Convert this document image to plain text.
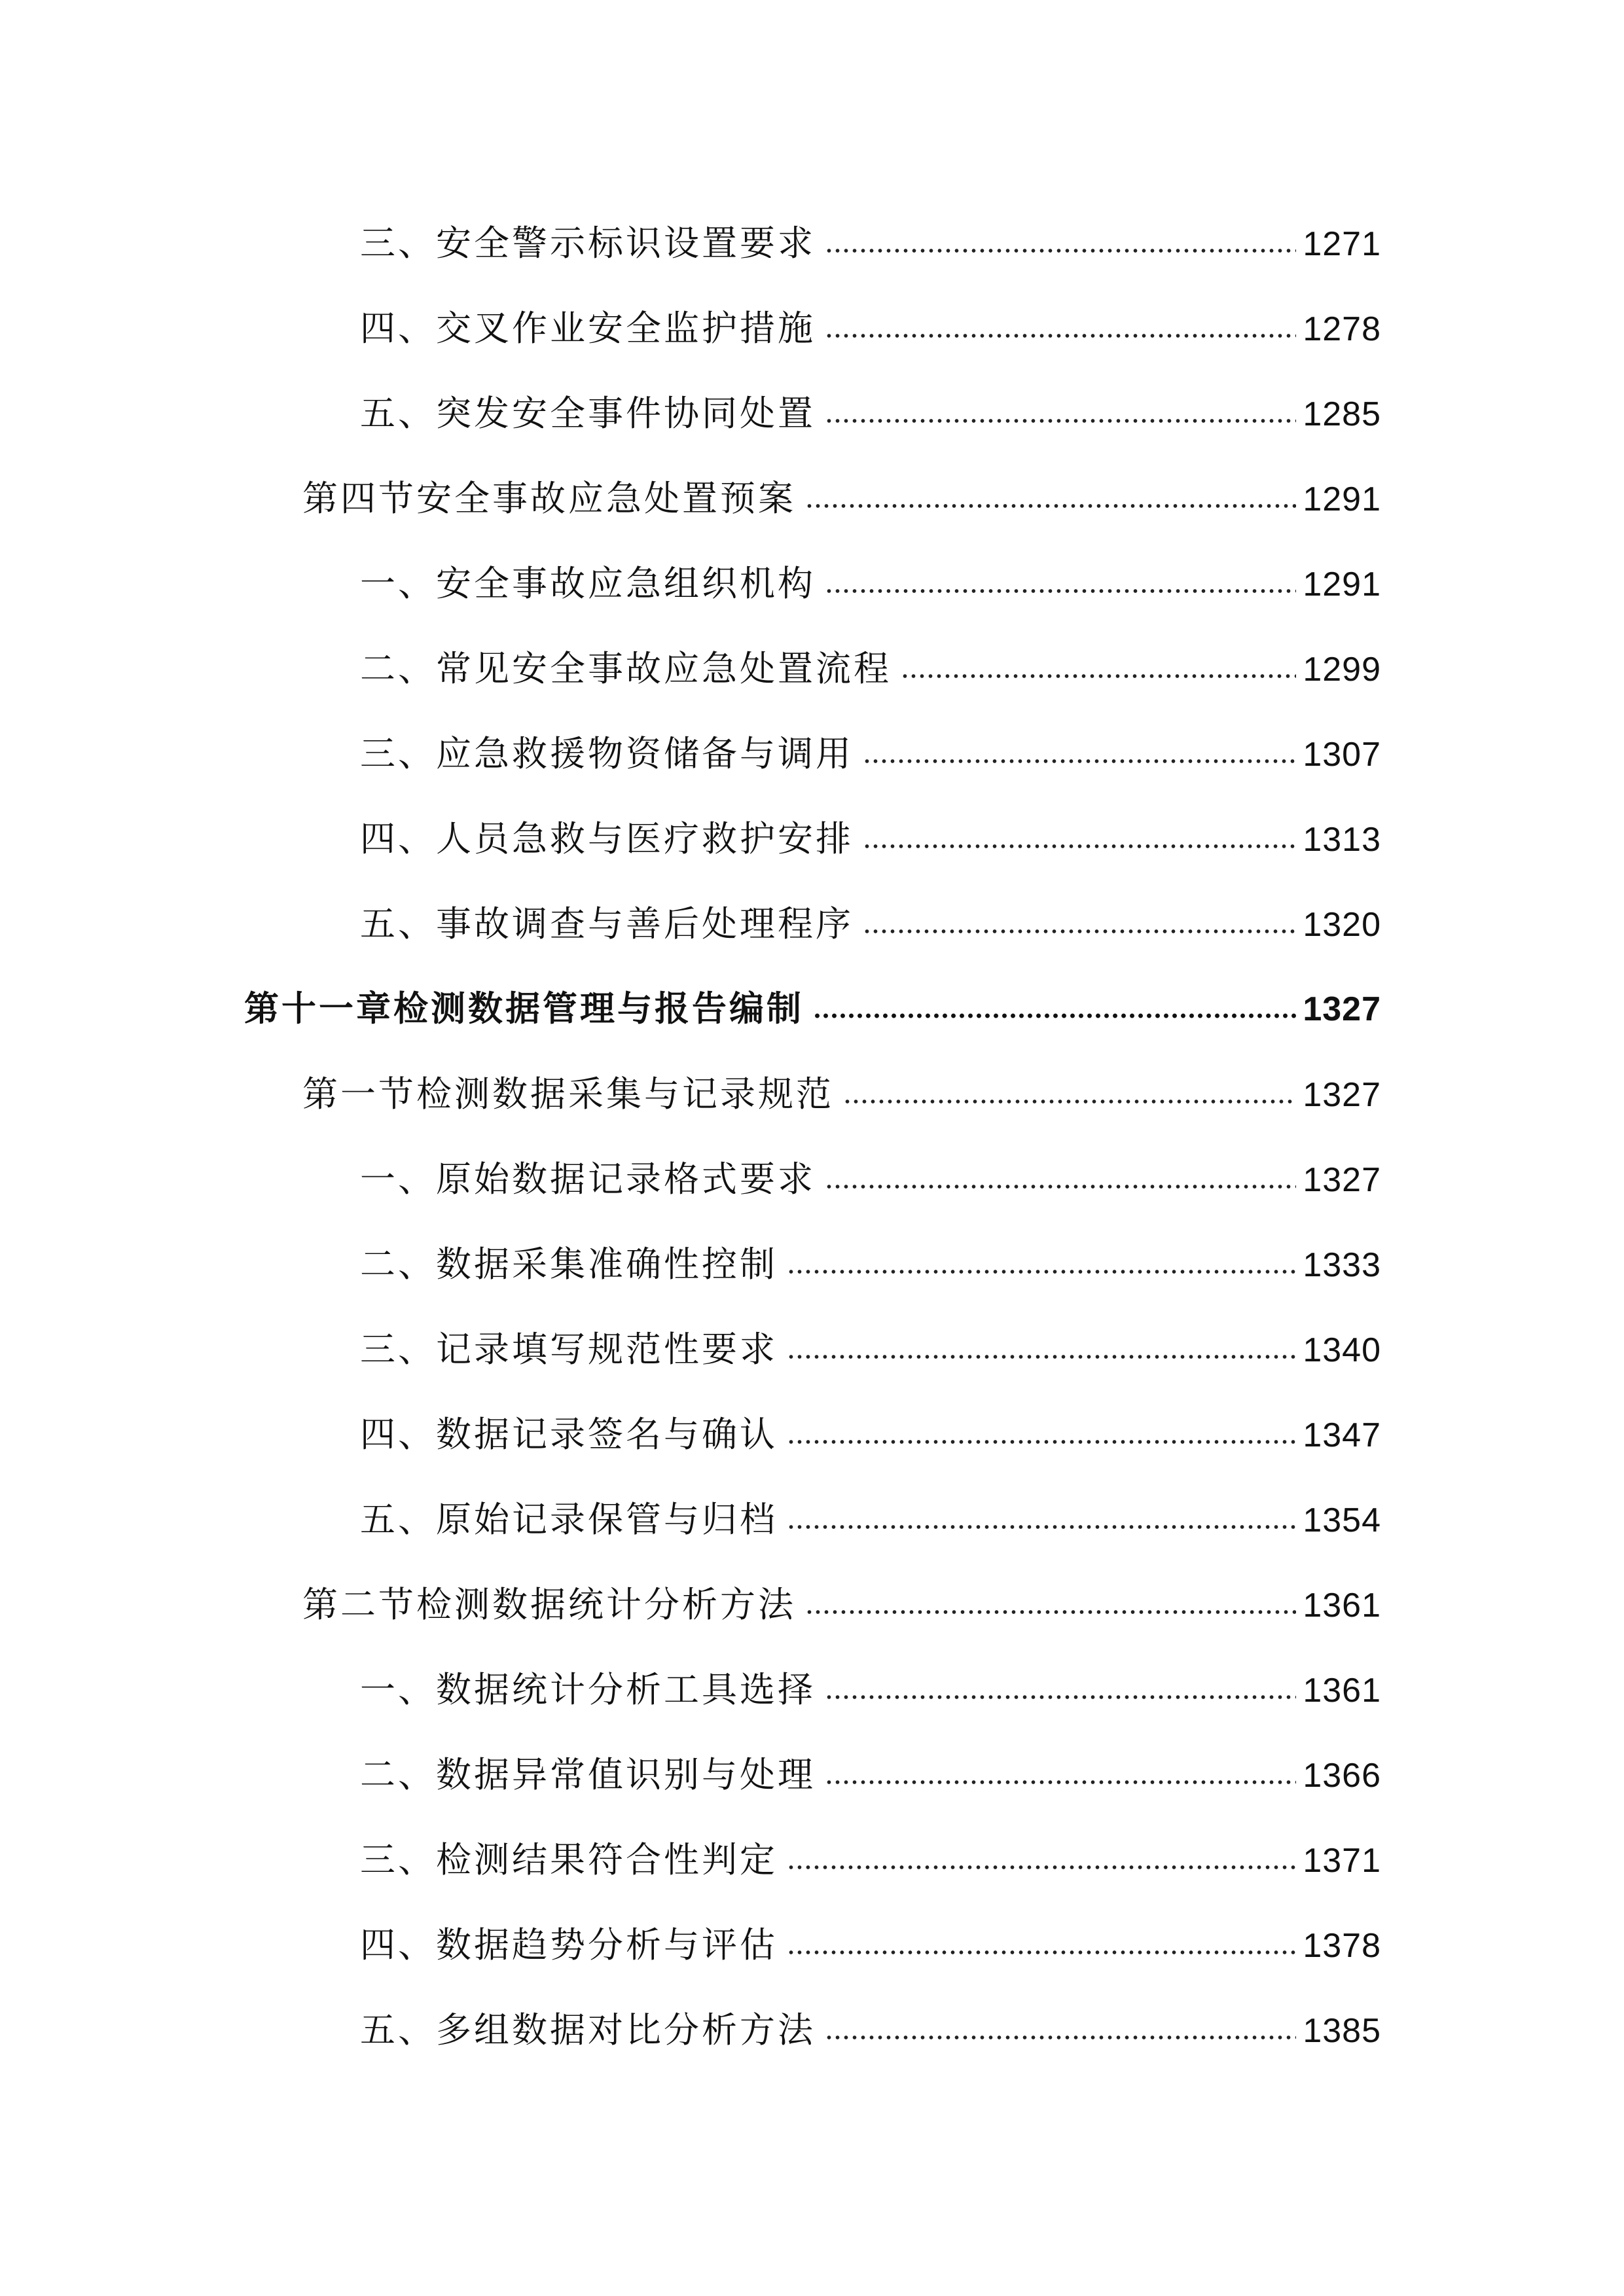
三、安全警示标识设置要求	1271
四、交叉作业安全监护措施	1278
五、突发安全事件协同处置	1285
第四节安全事故应急处置预案	1291
一、安全事故应急组织机构	1291
二、常见安全事故应急处置流程	1299
三、应急救援物资储备与调用	1307
四、人员急救与医疗救护安排	1313
五、事故调查与善后处理程序	1320
第十一章检测数据管理与报告编制	1327
第一节检测数据采集与记录规范	1327
一、原始数据记录格式要求	1327
二、数据采集准确性控制	1333
三、记录填写规范性要求	1340
四、数据记录签名与确认	1347
五、原始记录保管与归档	1354
第二节检测数据统计分析方法	1361
一、数据统计分析工具选择	1361
二、数据异常值识别与处理	1366
三、检测结果符合性判定	1371
四、数据趋势分析与评估	1378
五、多组数据对比分析方法	1385
